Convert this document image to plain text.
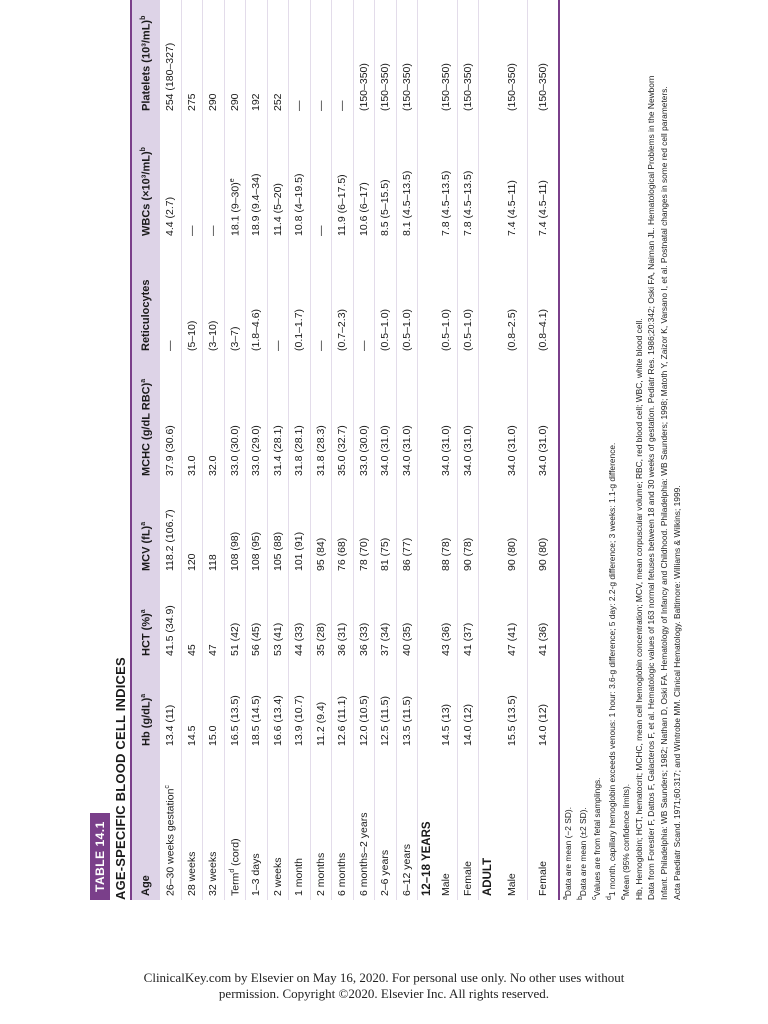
TABLE 14.1 AGE-SPECIFIC BLOOD CELL INDICES Age	Hb $(g/dL)^a$	HCT (%)$^a$	MCV (fL)$^a$	MCHC (g/dL RBC)$^a$	Reticulocytes	WBCs $(\times 10^3/mL)^b$	Platelets $(10^3/mL)^b$
26–30 weeks gestation$^c$	13.4 (11)	41.5 (34.9)	118.2 (106.7)	37.9 (30.6)	—	4.4 (2.7)	254 (180–327)
28 weeks	14.5	45	120	31.0	(5–10)	—	275
32 weeks	15.0	47	118	32.0	(3–10)	—	290
Term$^d$ (cord)	16.5 (13.5)	51 (42)	108 (98)	33.0 (30.0)	(3–7)	18.1 $(9-30)^e$	290
1–3 days	18.5 (14.5)	56 (45)	108 (95)	33.0 (29.0)	(1.8–4.6)	18.9 (9.4–34)	192
2 weeks	16.6 (13.4)	53 (41)	105 (88)	31.4 (28.1)	—	11.4 (5–20)	252
1 month	13.9 (10.7)	44 (33)	101 (91)	31.8 (28.1)	(0.1–1.7)	10.8 (4–19.5)	—
2 months	11.2 (9.4)	35 (28)	95 (84)	31.8 (28.3)	—	—	—
6 months	12.6 (11.1)	36 (31)	76 (68)	35.0 (32.7)	(0.7–2.3)	11.9 (6–17.5)	—
6 months–2 years	12.0 (10.5)	36 (33)	78 (70)	33.0 (30.0)	—	10.6 (6–17)	(150–350)
2–6 years	12.5 (11.5)	37 (34)	81 (75)	34.0 (31.0)	(0.5–1.0)	8.5 (5–15.5)	(150–350)
6–12 years	13.5 (11.5)	40 (35)	86 (77)	34.0 (31.0)	(0.5–1.0)	8.1 (4.5–13.5)	(150–350)
12–18 YEARS							
Male	14.5 (13)	43 (36)	88 (78)	34.0 (31.0)	(0.5–1.0)	7.8 (4.5–13.5)	(150–350)
Female	14.0 (12)	41 (37)	90 (78)	34.0 (31.0)	(0.5–1.0)	7.8 (4.5–13.5)	(150–350)
ADULT							
Male	15.5 (13.5)	47 (41)	90 (80)	34.0 (31.0)	(0.8–2.5)	7.4 (4.5–11)	(150–350)
Female	14.0 (12)	41 (36)	90 (80)	34.0 (31.0)	(0.8–4.1)	7.4 (4.5–11)	(150–350)
$^a$Data are mean (−2 SD).
$^b$Data are mean (±2 SD).
$^c$Values are from fetal samplings.
$^d$1 month, capillary hemoglobin exceeds venous: 1 hour: 3.6-g difference; 5 day: 2.2-g difference; 3 weeks: 1.1-g difference.
$^e$Mean (95% confidence limits). Hb, Hemoglobin; HCT, hematocrit; MCHC, mean cell hemoglobin concentration; MCV, mean corpuscular volume; RBC, red blood cell; WBC, white blood cell. Data from Forestier F, Dattos F, Galacteros F, et al. Hematologic values of 163 normal fetuses between 18 and 30 weeks of gestation. Pediatr Res. 1986;20:342; Oski FA, Naiman JL. Hematological Problems in the Newborn Infant. Philadelphia: WB Saunders; 1982; Nathan D, Oski FA. Hematology of Infancy and Childhood. Philadelphia: WB Saunders; 1998; Matoth Y, Zaizor K, Varsano I, et al. Postnatal changes in some red cell parameters. Acta Paediatr Scand. 1971;60:317; and Wintrobe MM. Clinical Hematology. Baltimore: Williams & Wilkins; 1999.
ClinicalKey.com by Elsevier on May 16, 2020. For personal use only. No other uses without
permission. Copyright ©2020. Elsevier Inc. All rights reserved.
